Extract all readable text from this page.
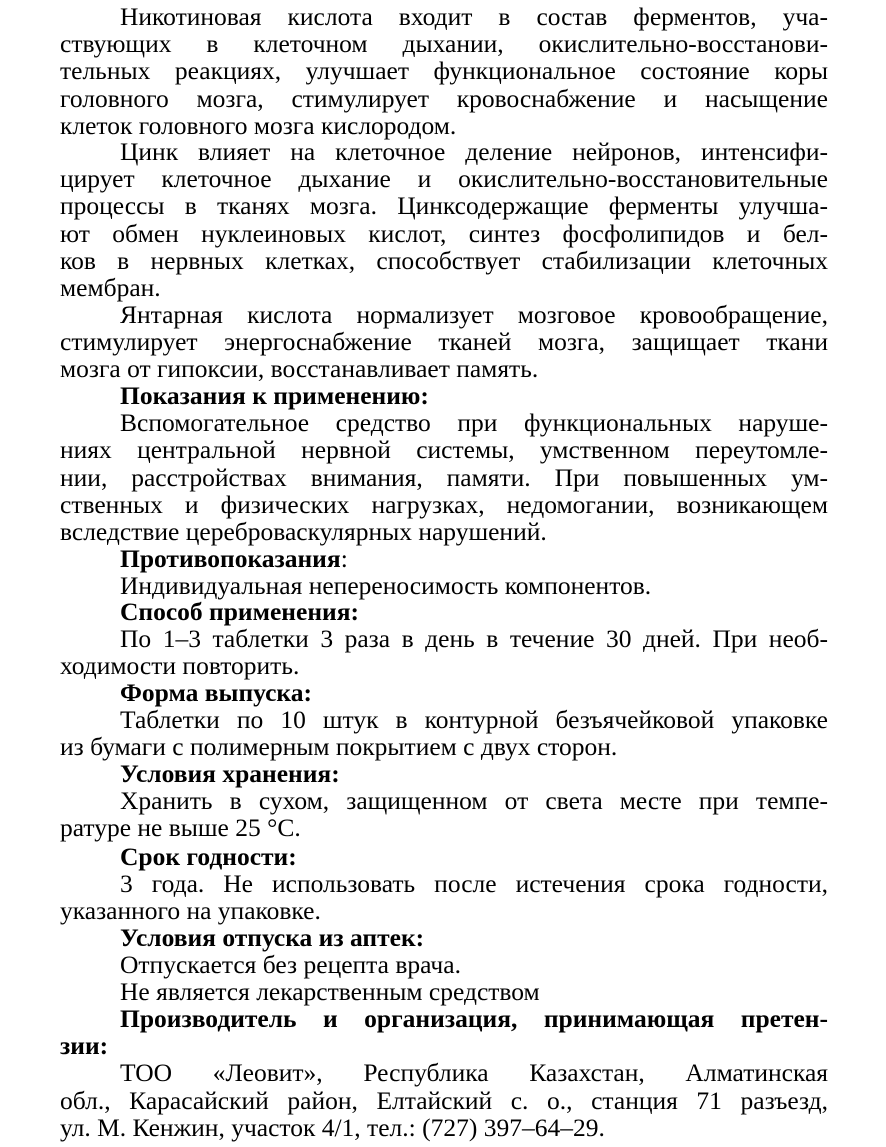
Никотиновая кислота входит в состав ферментов, уча-
ствующих в клеточном дыхании, окислительно-восстанови-
тельных реакциях, улучшает функциональное состояние коры
головного мозга, стимулирует кровоснабжение и насыщение
клеток головного мозга кислородом.
Цинк влияет на клеточное деление нейронов, интенсифи-
цирует клеточное дыхание и окислительно-восстановительные
процессы в тканях мозга. Цинксодержащие ферменты улучша-
ют обмен нуклеиновых кислот, синтез фосфолипидов и бел-
ков в нервных клетках, способствует стабилизации клеточных
мембран.
Янтарная кислота нормализует мозговое кровообращение,
стимулирует энергоснабжение тканей мозга, защищает ткани
мозга от гипоксии, восстанавливает память.
Показания к применению:
Вспомогательное средство при функциональных наруше-
ниях центральной нервной системы, умственном переутомле-
нии, расстройствах внимания, памяти. При повышенных ум-
ственных и физических нагрузках, недомогании, возникающем
вследствие цереброваскулярных нарушений.
Противопоказания:
Индивидуальная непереносимость компонентов.
Способ применения:
По 1–3 таблетки 3 раза в день в течение 30 дней. При необ-
ходимости повторить.
Форма выпуска:
Таблетки по 10 штук в контурной безъячейковой упаковке
из бумаги с полимерным покрытием с двух сторон.
Условия хранения:
Хранить в сухом, защищенном от света месте при темпе-
ратуре не выше 25 °С.
Срок годности:
3 года. Не использовать после истечения срока годности,
указанного на упаковке.
Условия отпуска из аптек:
Отпускается без рецепта врача.
Не является лекарственным средством
Производитель и организация, принимающая претен-
зии:
ТОО «Леовит», Республика Казахстан, Алматинская
обл., Карасайский район, Елтайский с. о., станция 71 разъезд,
ул. М. Кенжин, участок 4/1, тел.: (727) 397–64–29.
